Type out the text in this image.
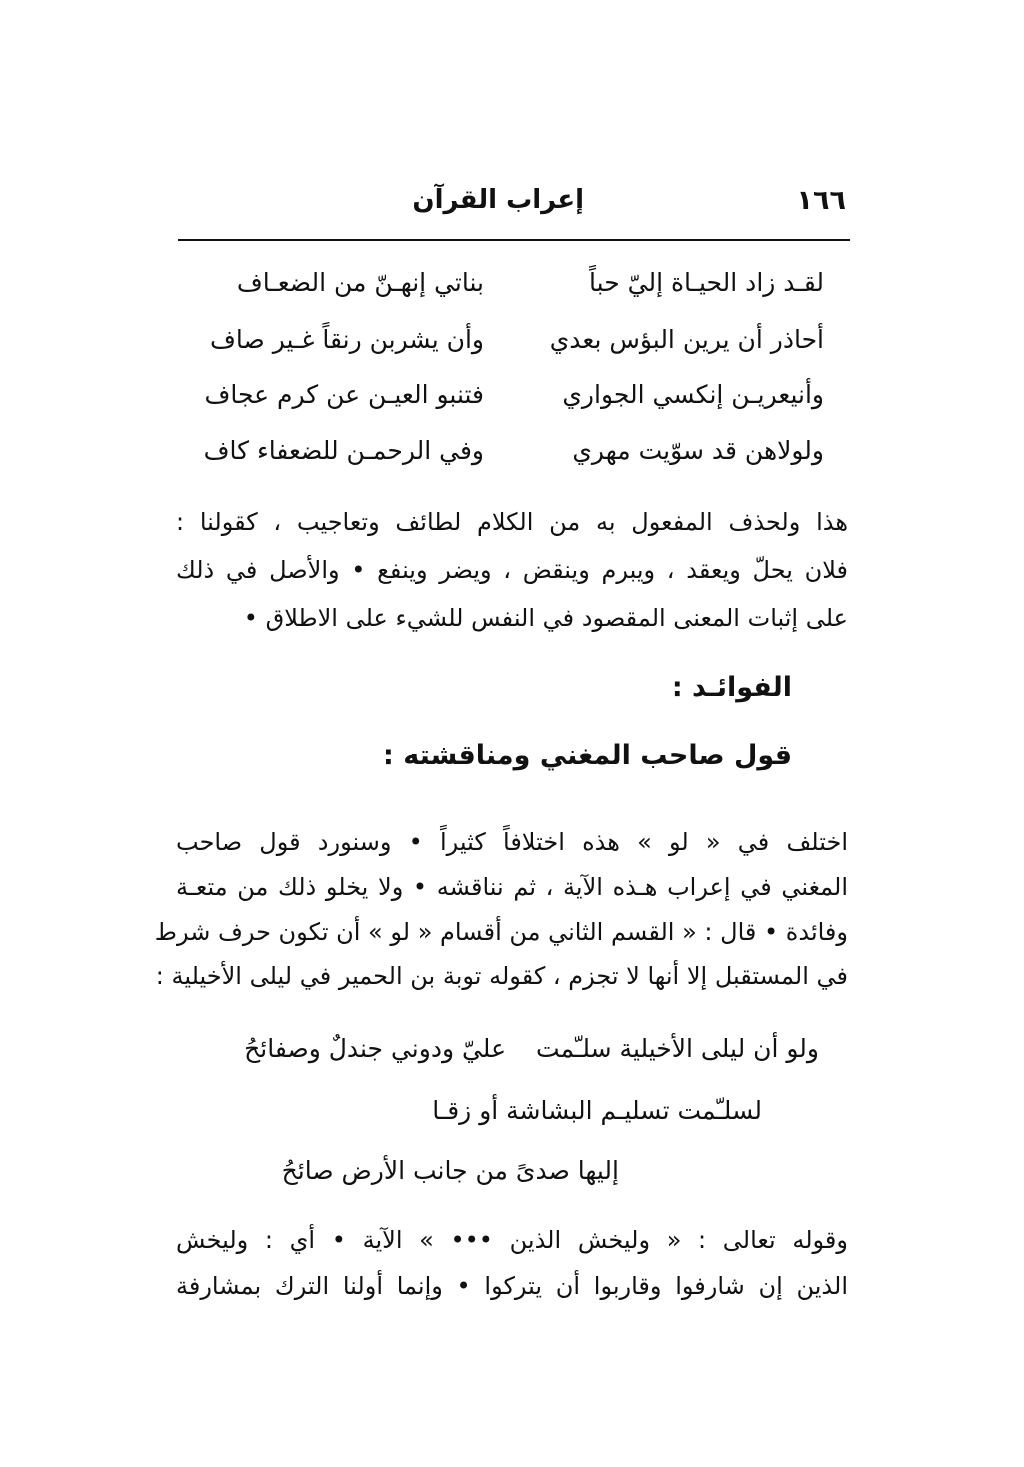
إعراب القرآن	١٦٦
لقـد زاد الحيـاة إليّ حباً
بناتي إنهـنّ من الضعـاف
أحاذر أن يرين البؤس بعدي
وأن يشربن رنقاً غـير صاف
وأنيعريـن إنكسي الجواري
فتنبو العيـن عن كرم عجاف
ولولاهن قد سوّيت مهري
وفي الرحمـن للضعفاء كاف
هذا ولحذف المفعول به من الكلام لطائف وتعاجيب ، كقولنا :
فلان يحلّ ويعقد ، ويبرم وينقض ، ويضر وينفع • والأصل في ذلك
على إثبات المعنى المقصود في النفس للشيء على الاطلاق •
الفوائـد :
قول صاحب المغني ومناقشته :
اختلف في « لو » هذه اختلافاً كثيراً • وسنورد قول صاحب
المغني في إعراب هـذه الآية ، ثم نناقشه • ولا يخلو ذلك من متعـة
وفائدة • قال : « القسم الثاني من أقسام « لو » أن تكون حرف شرط
في المستقبل إلا أنها لا تجزم ، كقوله توبة بن الحمير في ليلى الأخيلية :
ولو أن ليلى الأخيلية سلـّمت
عليّ ودوني جندلٌ وصفائحُ
لسلـّمت تسليـم البشاشة أو زقـا
إليها صدىً من جانب الأرض صائحُ
وقوله تعالى : « وليخش الذين ••• » الآية • أي : وليخش
الذين إن شارفوا وقاربوا أن يتركوا • وإنما أولنا الترك بمشارفة
